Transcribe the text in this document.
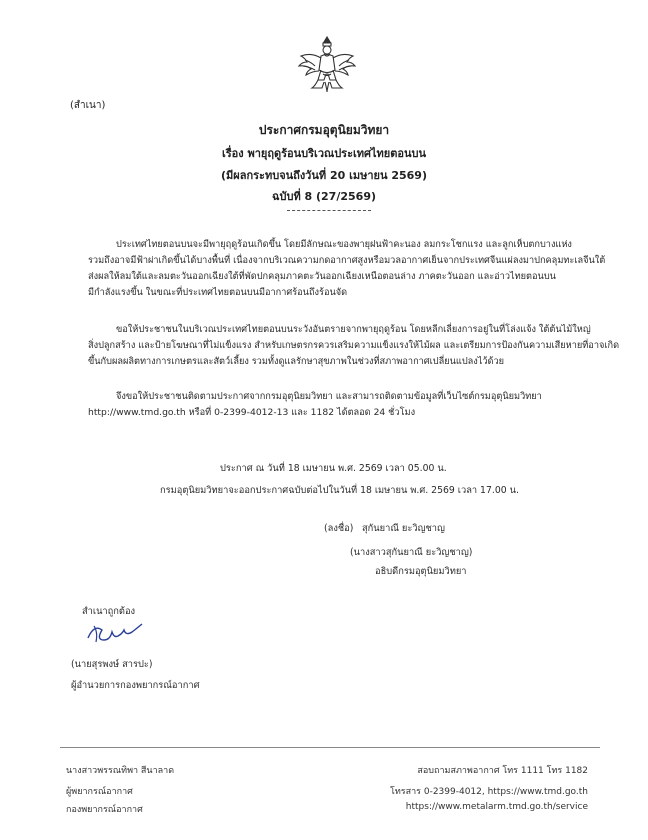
(สำเนา)
ประกาศกรมอุตุนิยมวิทยา
เรื่อง พายุฤดูร้อนบริเวณประเทศไทยตอนบน
(มีผลกระทบจนถึงวันที่ 20 เมษายน 2569)
ฉบับที่ 8 (27/2569)
ประเทศไทยตอนบนจะมีพายุฤดูร้อนเกิดขึ้น โดยมีลักษณะของพายุฝนฟ้าคะนอง ลมกระโชกแรง และลูกเห็บตกบางแห่ง
รวมถึงอาจมีฟ้าผ่าเกิดขึ้นได้บางพื้นที่ เนื่องจากบริเวณความกดอากาศสูงหรือมวลอากาศเย็นจากประเทศจีนแผ่ลงมาปกคลุมทะเลจีนใต้
ส่งผลให้ลมใต้และลมตะวันออกเฉียงใต้ที่พัดปกคลุมภาคตะวันออกเฉียงเหนือตอนล่าง ภาคตะวันออก และอ่าวไทยตอนบน
มีกำลังแรงขึ้น ในขณะที่ประเทศไทยตอนบนมีอากาศร้อนถึงร้อนจัด
ขอให้ประชาชนในบริเวณประเทศไทยตอนบนระวังอันตรายจากพายุฤดูร้อน โดยหลีกเลี่ยงการอยู่ในที่โล่งแจ้ง ใต้ต้นไม้ใหญ่
สิ่งปลูกสร้าง และป้ายโฆษณาที่ไม่แข็งแรง สำหรับเกษตรกรควรเสริมความแข็งแรงให้ไม้ผล และเตรียมการป้องกันความเสียหายที่อาจเกิด
ขึ้นกับผลผลิตทางการเกษตรและสัตว์เลี้ยง รวมทั้งดูแลรักษาสุขภาพในช่วงที่สภาพอากาศเปลี่ยนแปลงไว้ด้วย
จึงขอให้ประชาชนติดตามประกาศจากกรมอุตุนิยมวิทยา และสามารถติดตามข้อมูลที่เว็บไซต์กรมอุตุนิยมวิทยา
http://www.tmd.go.th หรือที่ 0-2399-4012-13 และ 1182 ได้ตลอด 24 ชั่วโมง
ประกาศ ณ วันที่ 18 เมษายน พ.ศ. 2569 เวลา 05.00 น.
กรมอุตุนิยมวิทยาจะออกประกาศฉบับต่อไปในวันที่ 18 เมษายน พ.ศ. 2569 เวลา 17.00 น.
(ลงชื่อ) สุกันยาณี ยะวิญชาญ
(นางสาวสุกันยาณี ยะวิญชาญ)
อธิบดีกรมอุตุนิยมวิทยา
สำเนาถูกต้อง
(นายสุรพงษ์ สารปะ)
ผู้อำนวยการกองพยากรณ์อากาศ
นางสาวพรรณทิพา สีนาลาด
ผู้พยากรณ์อากาศ
กองพยากรณ์อากาศ
สอบถามสภาพอากาศ โทร 1111 โทร 1182
โทรสาร 0-2399-4012, https://www.tmd.go.th
https://www.metalarm.tmd.go.th/service
